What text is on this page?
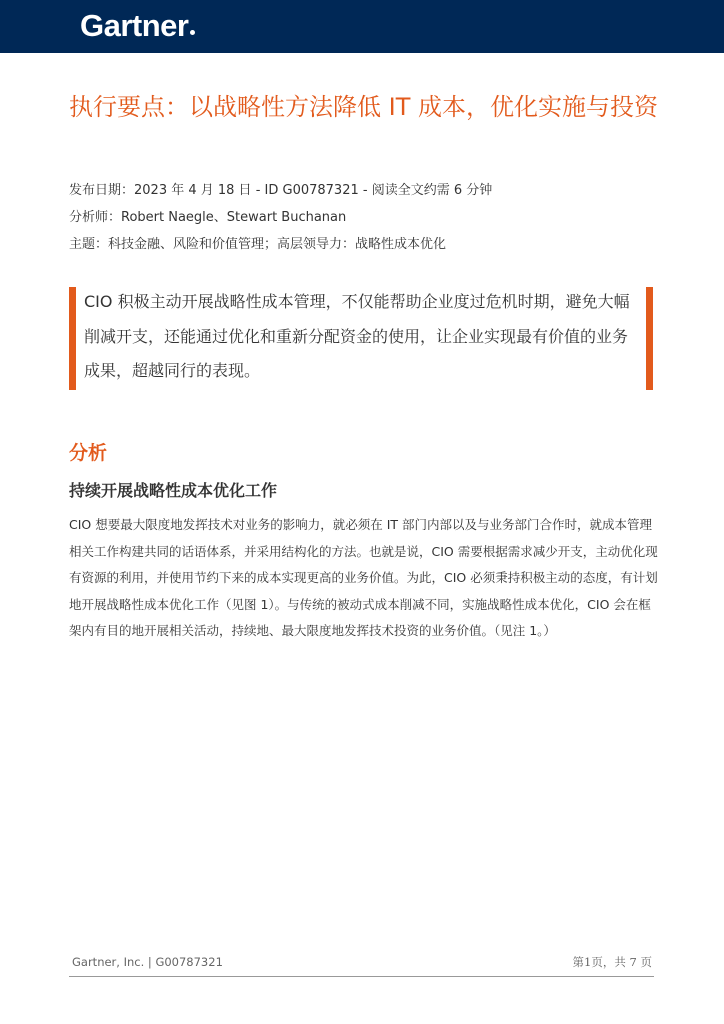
Gartner
执行要点：以战略性方法降低 IT 成本，优化实施与投资
发布日期：2023 年 4 月 18 日 - ID G00787321 - 阅读全文约需 6 分钟
分析师：Robert Naegle、Stewart Buchanan
主题：科技金融、风险和价值管理；高层领导力：战略性成本优化

CIO 积极主动开展战略性成本管理，不仅能帮助企业度过危机时期，避免大幅削减开支，还能通过优化和重新分配资金的使用，让企业实现最有价值的业务成果，超越同行的表现。

分析
持续开展战略性成本优化工作

CIO 想要最大限度地发挥技术对业务的影响力，就必须在 IT 部门内部以及与业务部门合作时，就成本管理相关工作构建共同的话语体系，并采用结构化的方法。也就是说，CIO 需要根据需求减少开支，主动优化现有资源的利用，并使用节约下来的成本实现更高的业务价值。为此，CIO 必须秉持积极主动的态度，有计划地开展战略性成本优化工作（见图 1）。与传统的被动式成本削减不同，实施战略性成本优化，CIO 会在框架内有目的地开展相关活动，持续地、最大限度地发挥技术投资的业务价值。（见注 1。）

Gartner, Inc. | G00787321	第1页，共 7 页
